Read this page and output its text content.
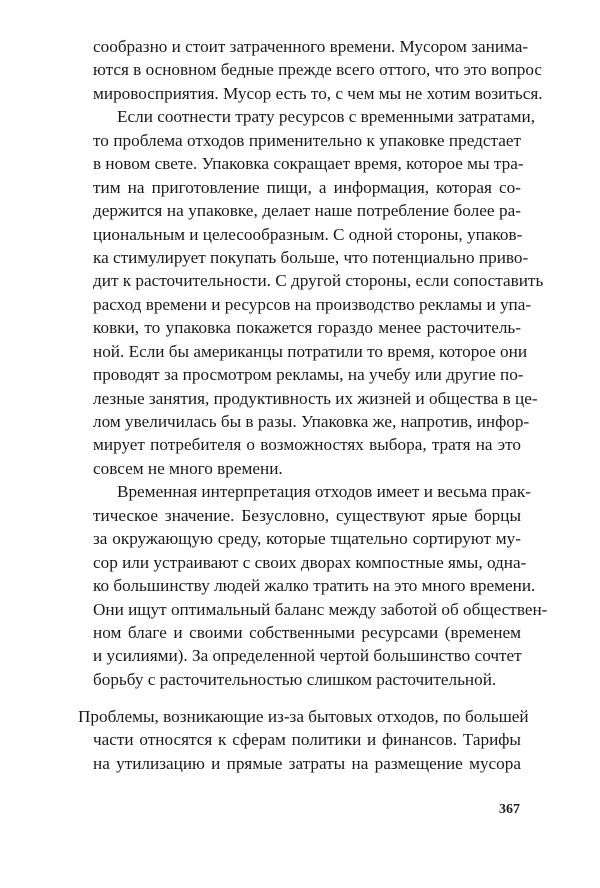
сообразно и стоит затраченного времени. Мусором занима-
ются в основном бедные прежде всего оттого, что это вопрос
мировосприятия. Мусор есть то, с чем мы не хотим возиться.
Если соотнести трату ресурсов с временными затратами,
то проблема отходов применительно к упаковке предстает
в новом свете. Упаковка сокращает время, которое мы тра-
тим на приготовление пищи, а информация, которая со-
держится на упаковке, делает наше потребление более ра-
циональным и целесообразным. С одной стороны, упаков-
ка стимулирует покупать больше, что потенциально приво-
дит к расточительности. С другой стороны, если сопоставить
расход времени и ресурсов на производство рекламы и упа-
ковки, то упаковка покажется гораздо менее расточитель-
ной. Если бы американцы потратили то время, которое они
проводят за просмотром рекламы, на учебу или другие по-
лезные занятия, продуктивность их жизней и общества в це-
лом увеличилась бы в разы. Упаковка же, напротив, инфор-
мирует потребителя о возможностях выбора, тратя на это
совсем не много времени.
Временная интерпретация отходов имеет и весьма прак-
тическое значение. Безусловно, существуют ярые борцы
за окружающую среду, которые тщательно сортируют му-
сор или устраивают с своих дворах компостные ямы, одна-
ко большинству людей жалко тратить на это много времени.
Они ищут оптимальный баланс между заботой об обществен-
ном благе и своими собственными ресурсами (временем
и усилиями). За определенной чертой большинство сочтет
борьбу с расточительностью слишком расточительной.
Проблемы, возникающие из-за бытовых отходов, по большей
части относятся к сферам политики и финансов. Тарифы
на утилизацию и прямые затраты на размещение мусора
367
